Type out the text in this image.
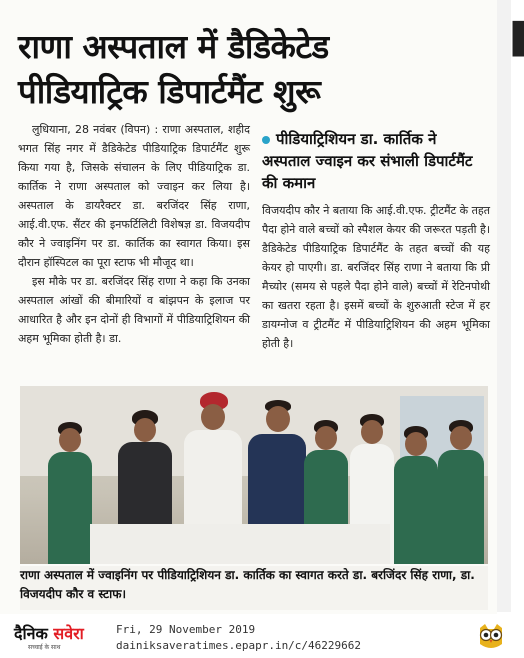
राणा अस्पताल में डैडिकेटेड
पीडियाट्रिक डिपार्टमैंट शुरू

लुधियाना, 28 नवंबर (विपन) : राणा अस्पताल, शहीद भगत सिंह नगर में डैडिकेटेड पीडियाट्रिक डिपार्टमैंट शुरू किया गया है, जिसके संचालन के लिए पीडियाट्रिक डा. कार्तिक ने राणा अस्पताल को ज्वाइन कर लिया है। अस्पताल के डायरैक्टर डा. बरजिंदर सिंह राणा, आई.वी.एफ. सैंटर की इनफर्टिलिटी विशेषज्ञ डा. विजयदीप कौर ने ज्वाइनिंग पर डा. कार्तिक का स्वागत किया। इस दौरान हॉस्पिटल का पूरा स्टाफ भी मौजूद था।

इस मौके पर डा. बरजिंदर सिंह राणा ने कहा कि उनका अस्पताल आंखों की बीमारियों व बांझपन के इलाज पर आधारित है और इन दोनों ही विभागों में पीडियाट्रिशियन की अहम भूमिका होती है। डा.

पीडियाट्रिशियन डा. कार्तिक ने अस्पताल ज्वाइन कर संभाली डिपार्टमैंट की कमान

विजयदीप कौर ने बताया कि आई.वी.एफ. ट्रीटमैंट के तहत पैदा होने वाले बच्चों को स्पैशल केयर की जरूरत पड़ती है। डैडिकेटेड पीडियाट्रिक डिपार्टमैंट के तहत बच्चों की यह केयर हो पाएगी। डा. बरजिंदर सिंह राणा ने बताया कि प्री मैच्योर (समय से पहले पैदा होने वाले) बच्चों में रेटिनपोथी का खतरा रहता है। इसमें बच्चों के शुरुआती स्टेज में हर डायग्नोज व ट्रीटमैंट में पीडियाट्रिशियन की अहम भूमिका होती है।

राणा अस्पताल में ज्वाइनिंग पर पीडियाट्रिशियन डा. कार्तिक का स्वागत करते डा. बरजिंदर सिंह राणा, डा. विजयदीप कौर व स्टाफ।
▐
दैनिक सवेरा
सच्चाई के साथ
Fri, 29 November 2019
dainiksaveratimes.epapr.in/c/46229662
